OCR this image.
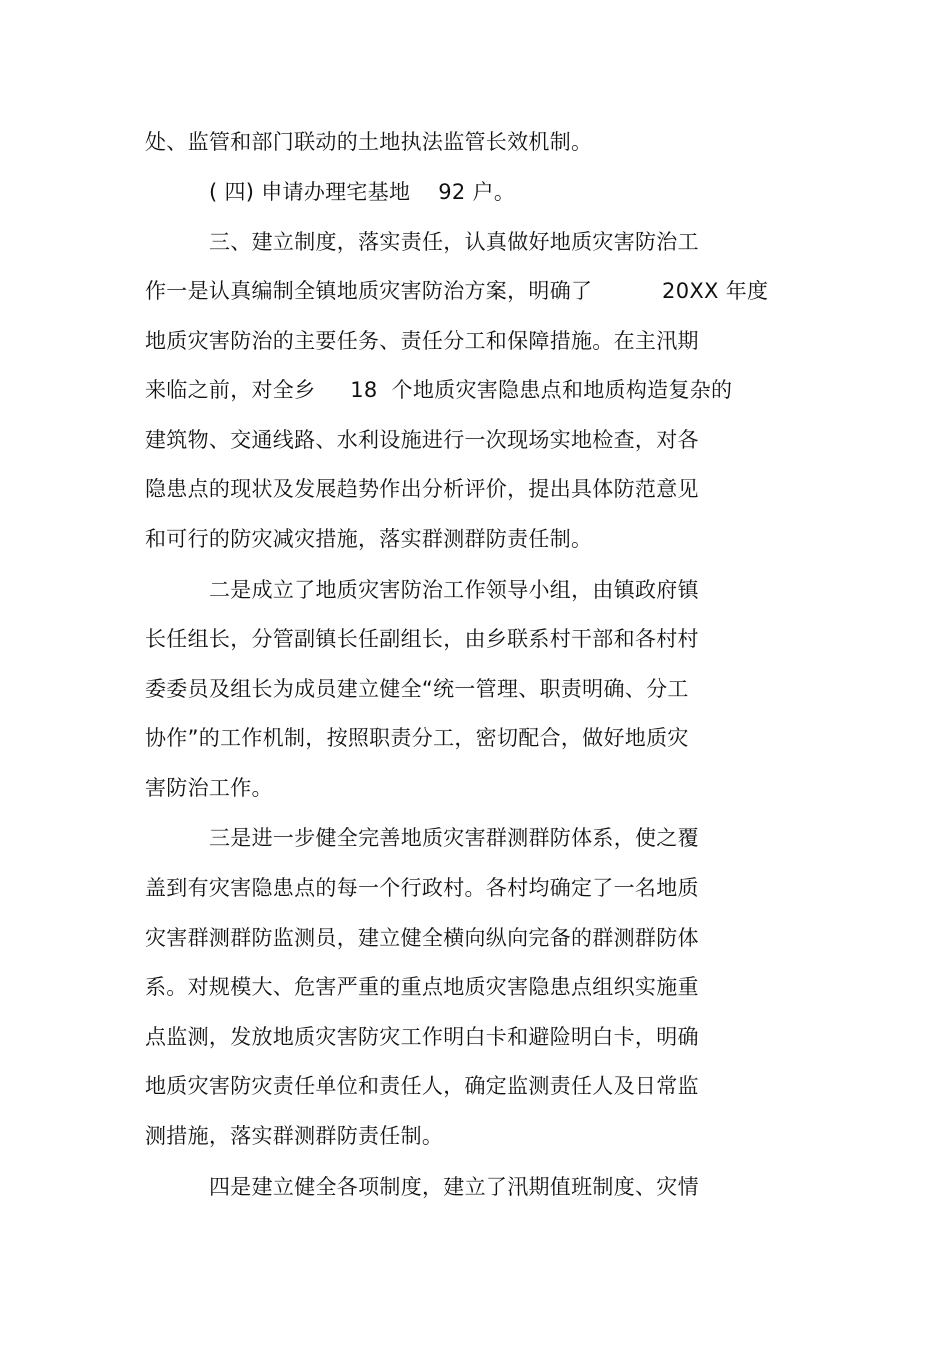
处、监管和部门联动的土地执法监管长效机制。
( 四) 申请办理宅基地    92 户。
三、建立制度，落实责任，认真做好地质灾害防治工
作一是认真编制全镇地质灾害防治方案，明确了          20XX 年度
地质灾害防治的主要任务、责任分工和保障措施。在主汛期
来临之前，对全乡     18  个地质灾害隐患点和地质构造复杂的
建筑物、交通线路、水利设施进行一次现场实地检查，对各
隐患点的现状及发展趋势作出分析评价，提出具体防范意见
和可行的防灾减灾措施，落实群测群防责任制。
二是成立了地质灾害防治工作领导小组，由镇政府镇
长任组长，分管副镇长任副组长，由乡联系村干部和各村村
委委员及组长为成员建立健全“统一管理、职责明确、分工
协作”的工作机制，按照职责分工，密切配合，做好地质灾
害防治工作。
三是进一步健全完善地质灾害群测群防体系，使之覆
盖到有灾害隐患点的每一个行政村。各村均确定了一名地质
灾害群测群防监测员，建立健全横向纵向完备的群测群防体
系。对规模大、危害严重的重点地质灾害隐患点组织实施重
点监测，发放地质灾害防灾工作明白卡和避险明白卡，明确
地质灾害防灾责任单位和责任人，确定监测责任人及日常监
测措施，落实群测群防责任制。
四是建立健全各项制度，建立了汛期值班制度、灾情
